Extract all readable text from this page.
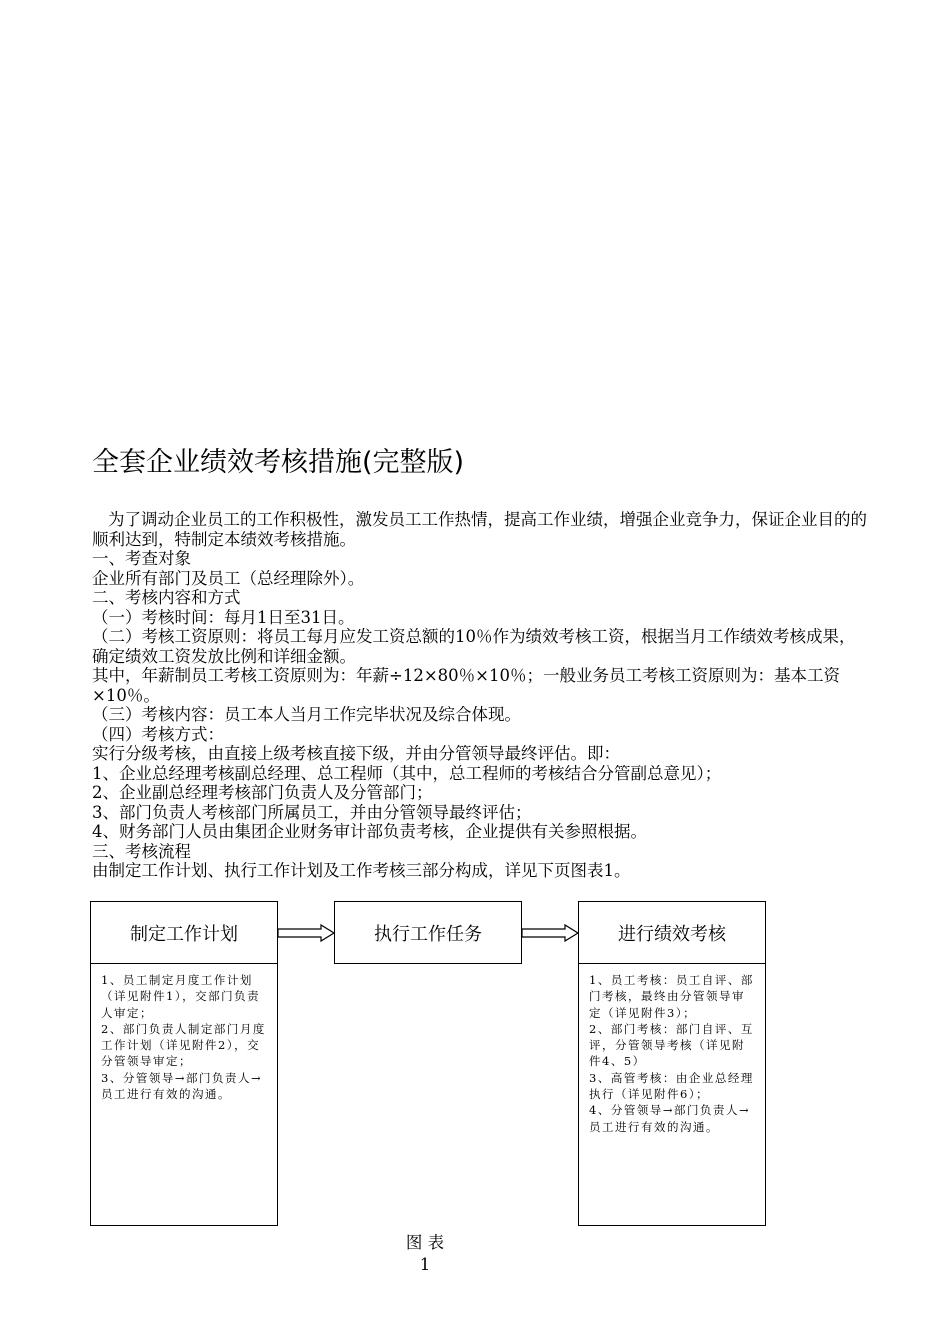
全套企业绩效考核措施(完整版)

为了调动企业员工的工作积极性，激发员工工作热情，提高工作业绩，增强企业竞争力，保证企业目的的顺利达到，特制定本绩效考核措施。

一、考查对象

企业所有部门及员工（总经理除外）。

二、考核内容和方式

（一）考核时间：每月1日至31日。

（二）考核工资原则：将员工每月应发工资总额的10％作为绩效考核工资，根据当月工作绩效考核成果，确定绩效工资发放比例和详细金额。

其中，年薪制员工考核工资原则为：年薪÷12×80％×10％；一般业务员工考核工资原则为：基本工资×10％。

（三）考核内容：员工本人当月工作完毕状况及综合体现。

（四）考核方式：

实行分级考核，由直接上级考核直接下级，并由分管领导最终评估。即：

1、企业总经理考核副总经理、总工程师（其中，总工程师的考核结合分管副总意见）；

2、企业副总经理考核部门负责人及分管部门；

3、部门负责人考核部门所属员工，并由分管领导最终评估；

4、财务部门人员由集团企业财务审计部负责考核，企业提供有关参照根据。

三、考核流程

由制定工作计划、执行工作计划及工作考核三部分构成，详见下页图表1。

制定工作计划

1、员工制定月度工作计划（详见附件1），交部门负责人审定；

2、部门负责人制定部门月度工作计划（详见附件2），交分管领导审定；

3、分管领导→部门负责人→员工进行有效的沟通。

执行工作任务	进行绩效考核

1、员工考核：员工自评、部门考核，最终由分管领导审定（详见附件3）；

2、部门考核：部门自评、互评，分管领导考核（详见附件4、5）

3、高管考核：由企业总经理执行（详见附件6）；

4、分管领导→部门负责人→员工进行有效的沟通。

图 表
1
